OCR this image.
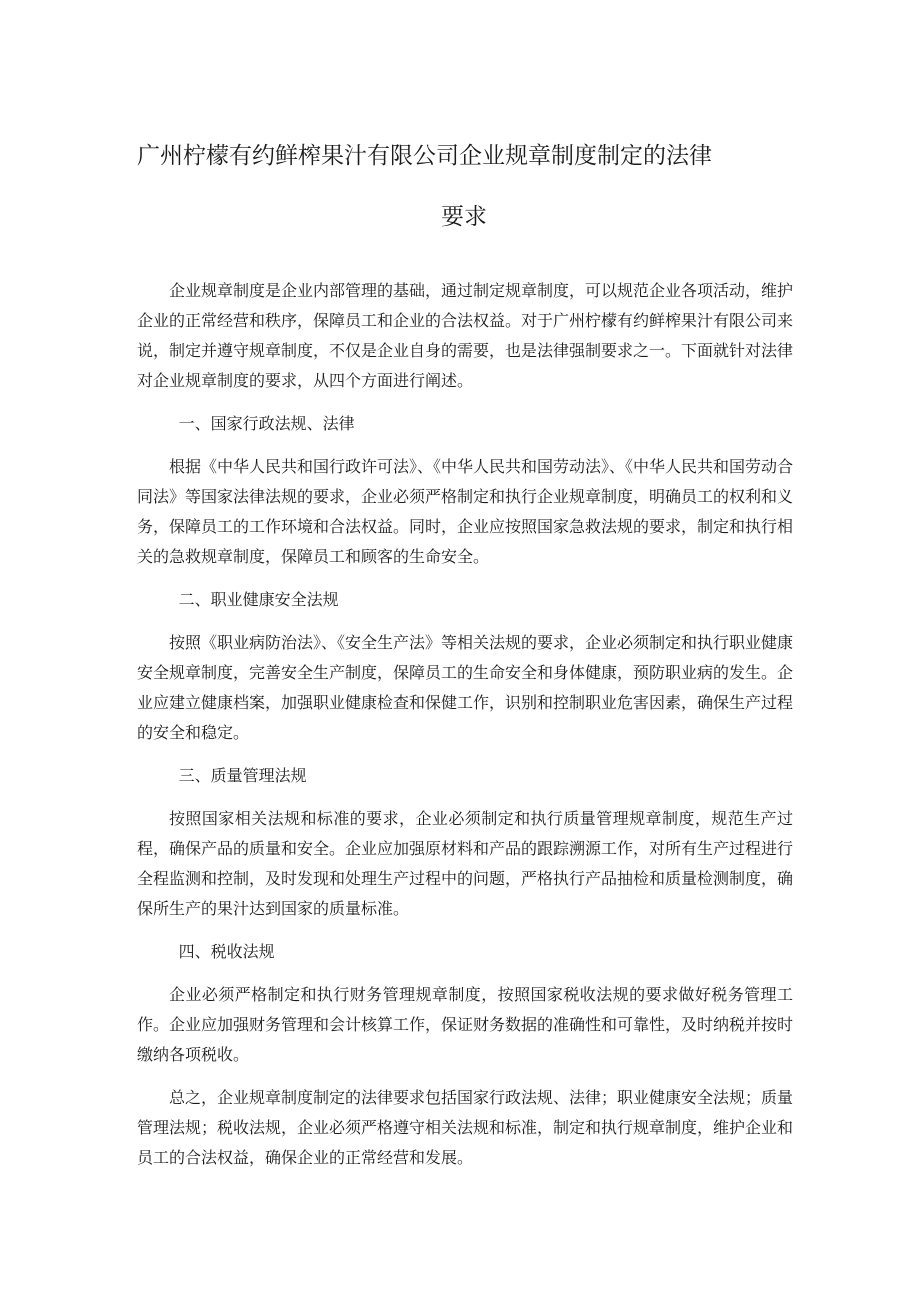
广州柠檬有约鲜榨果汁有限公司企业规章制度制定的法律
要求

企业规章制度是企业内部管理的基础，通过制定规章制度，可以规范企业各项活动，维护企业的正常经营和秩序，保障员工和企业的合法权益。对于广州柠檬有约鲜榨果汁有限公司来说，制定并遵守规章制度，不仅是企业自身的需要，也是法律强制要求之一。下面就针对法律对企业规章制度的要求，从四个方面进行阐述。

一、国家行政法规、法律

根据《中华人民共和国行政许可法》、《中华人民共和国劳动法》、《中华人民共和国劳动合同法》等国家法律法规的要求，企业必须严格制定和执行企业规章制度，明确员工的权利和义务，保障员工的工作环境和合法权益。同时，企业应按照国家急救法规的要求，制定和执行相关的急救规章制度，保障员工和顾客的生命安全。

二、职业健康安全法规

按照《职业病防治法》、《安全生产法》等相关法规的要求，企业必须制定和执行职业健康安全规章制度，完善安全生产制度，保障员工的生命安全和身体健康，预防职业病的发生。企业应建立健康档案，加强职业健康检查和保健工作，识别和控制职业危害因素，确保生产过程的安全和稳定。

三、质量管理法规

按照国家相关法规和标准的要求，企业必须制定和执行质量管理规章制度，规范生产过程，确保产品的质量和安全。企业应加强原材料和产品的跟踪溯源工作，对所有生产过程进行全程监测和控制，及时发现和处理生产过程中的问题，严格执行产品抽检和质量检测制度，确保所生产的果汁达到国家的质量标准。

四、税收法规

企业必须严格制定和执行财务管理规章制度，按照国家税收法规的要求做好税务管理工作。企业应加强财务管理和会计核算工作，保证财务数据的准确性和可靠性，及时纳税并按时缴纳各项税收。

总之，企业规章制度制定的法律要求包括国家行政法规、法律；职业健康安全法规；质量管理法规；税收法规，企业必须严格遵守相关法规和标准，制定和执行规章制度，维护企业和员工的合法权益，确保企业的正常经营和发展。
